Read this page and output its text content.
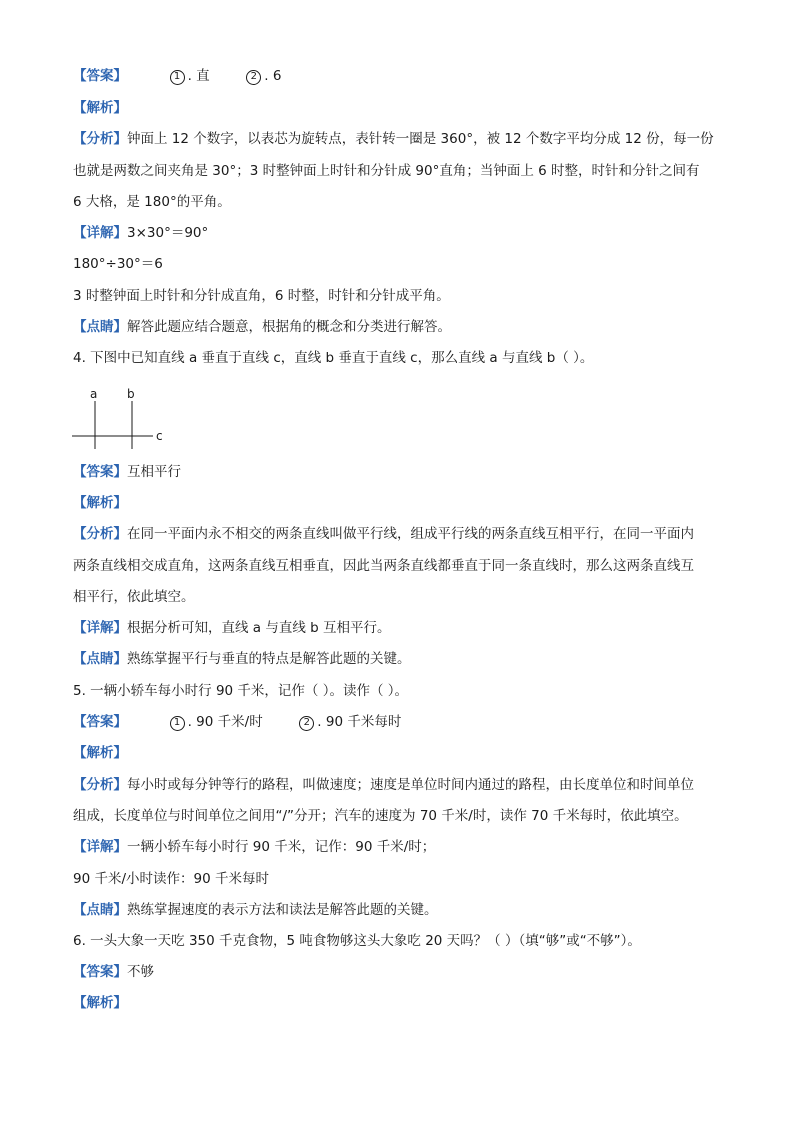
【答案】	1 . 直	2 . 6
【解析】
【分析】钟面上 12 个数字，以表芯为旋转点，表针转一圈是 360°，被 12 个数字平均分成 12 份，每一份
也就是两数之间夹角是 30°；3 时整钟面上时针和分针成 90°直角；当钟面上 6 时整，时针和分针之间有
6 大格，是 180°的平角。
【详解】3×30°＝90°
180°÷30°＝6
3 时整钟面上时针和分针成直角，6 时整，时针和分针成平角。
【点睛】解答此题应结合题意，根据角的概念和分类进行解答。
4. 下图中已知直线 a 垂直于直线 c，直线 b 垂直于直线 c，那么直线 a 与直线 b（ ）。
a b
c
【答案】互相平行
【解析】
【分析】在同一平面内永不相交的两条直线叫做平行线，组成平行线的两条直线互相平行，在同一平面内
两条直线相交成直角，这两条直线互相垂直，因此当两条直线都垂直于同一条直线时，那么这两条直线互
相平行，依此填空。
【详解】根据分析可知，直线 a 与直线 b 互相平行。
【点睛】熟练掌握平行与垂直的特点是解答此题的关键。
5. 一辆小轿车每小时行 90 千米，记作（ ）。读作（ ）。
【答案】	1 . 90 千米/时	2 . 90 千米每时
【解析】
【分析】每小时或每分钟等行的路程，叫做速度；速度是单位时间内通过的路程，由长度单位和时间单位
组成，长度单位与时间单位之间用“/”分开；汽车的速度为 70 千米/时，读作 70 千米每时，依此填空。
【详解】一辆小轿车每小时行 90 千米，记作：90 千米/时；
90 千米/小时读作：90 千米每时
【点睛】熟练掌握速度的表示方法和读法是解答此题的关键。
6. 一头大象一天吃 350 千克食物，5 吨食物够这头大象吃 20 天吗？（ ）（填“够”或“不够”）。
【答案】不够
【解析】
